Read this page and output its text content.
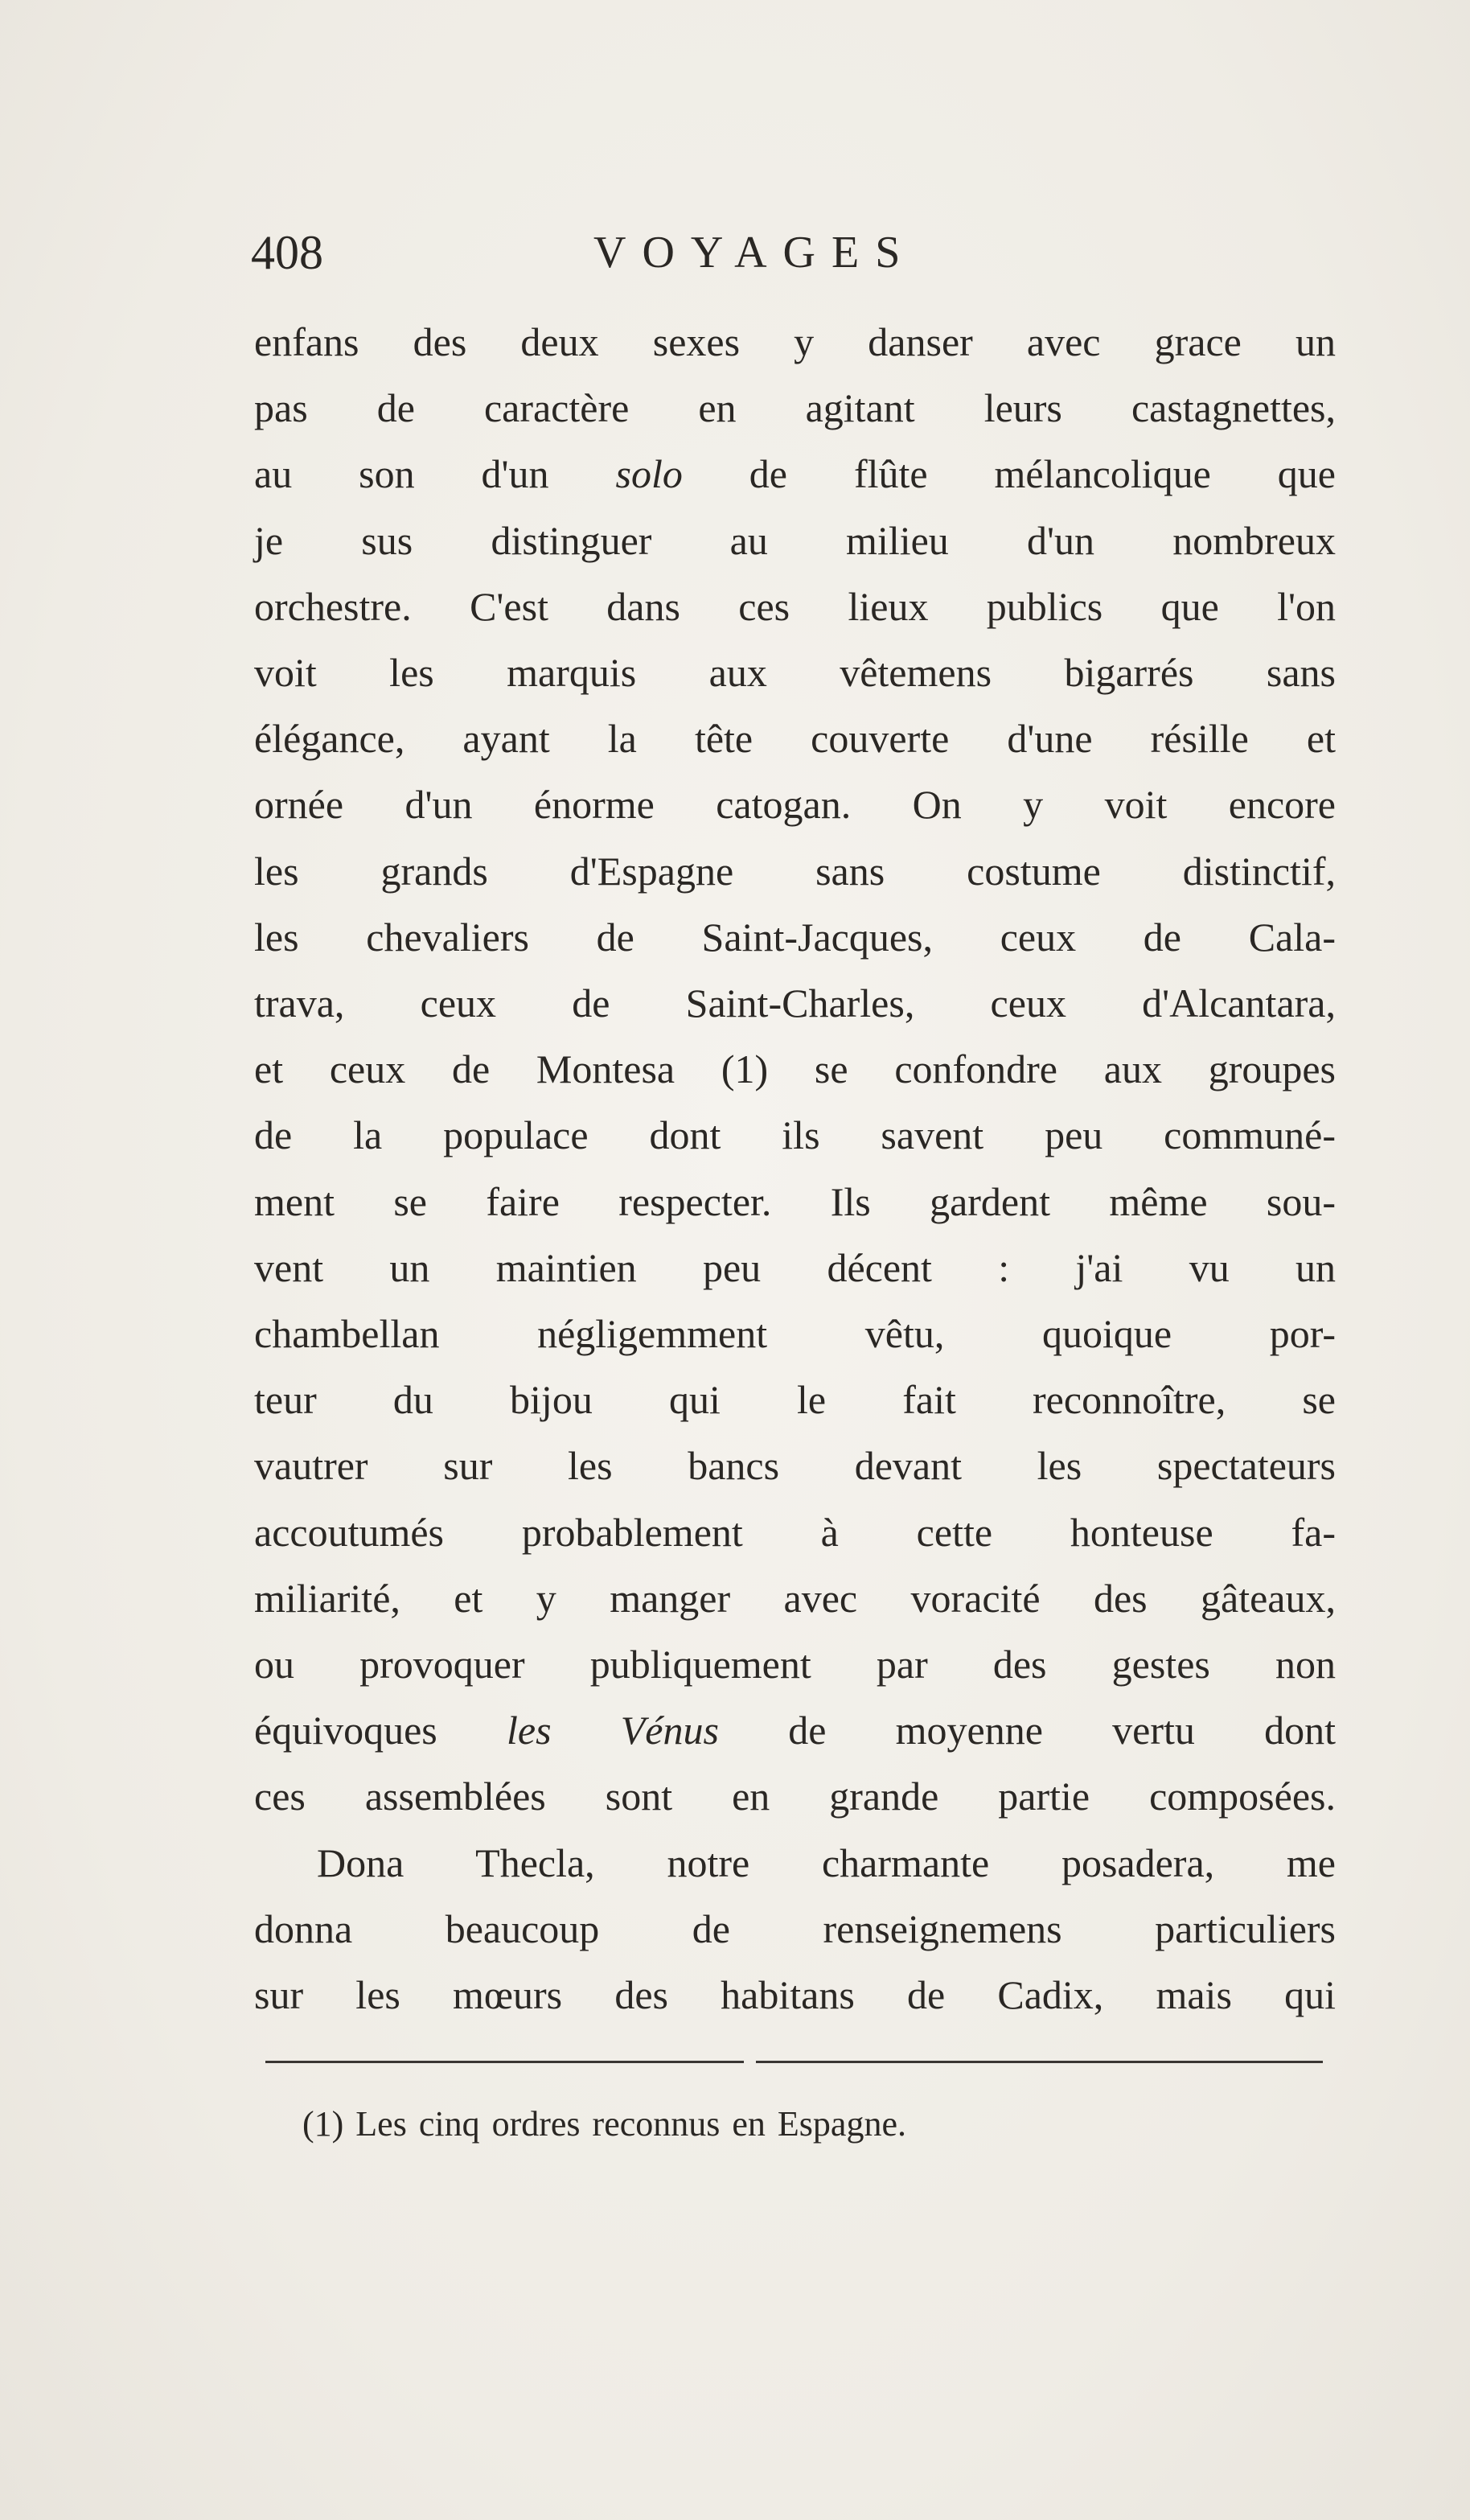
408	VOYAGES
enfans des deux sexes y danser avec grace un
pas de caractère en agitant leurs castagnettes,
au son d'un solo de flûte mélancolique que
je sus distinguer au milieu d'un nombreux
orchestre. C'est dans ces lieux publics que l'on
voit les marquis aux vêtemens bigarrés sans
élégance, ayant la tête couverte d'une résille et
ornée d'un énorme catogan. On y voit encore
les grands d'Espagne sans costume distinctif,
les chevaliers de Saint-Jacques, ceux de Cala-
trava, ceux de Saint-Charles, ceux d'Alcantara,
et ceux de Montesa (1) se confondre aux groupes
de la populace dont ils savent peu communé-
ment se faire respecter. Ils gardent même sou-
vent un maintien peu décent : j'ai vu un
chambellan négligemment vêtu, quoique por-
teur du bijou qui le fait reconnoître, se
vautrer sur les bancs devant les spectateurs
accoutumés probablement à cette honteuse fa-
miliarité, et y manger avec voracité des gâteaux,
ou provoquer publiquement par des gestes non
équivoques les Vénus de moyenne vertu dont
ces assemblées sont en grande partie composées.
Dona Thecla, notre charmante posadera, me
donna beaucoup de renseignemens particuliers
sur les mœurs des habitans de Cadix, mais qui
(1) Les cinq ordres reconnus en Espagne.
